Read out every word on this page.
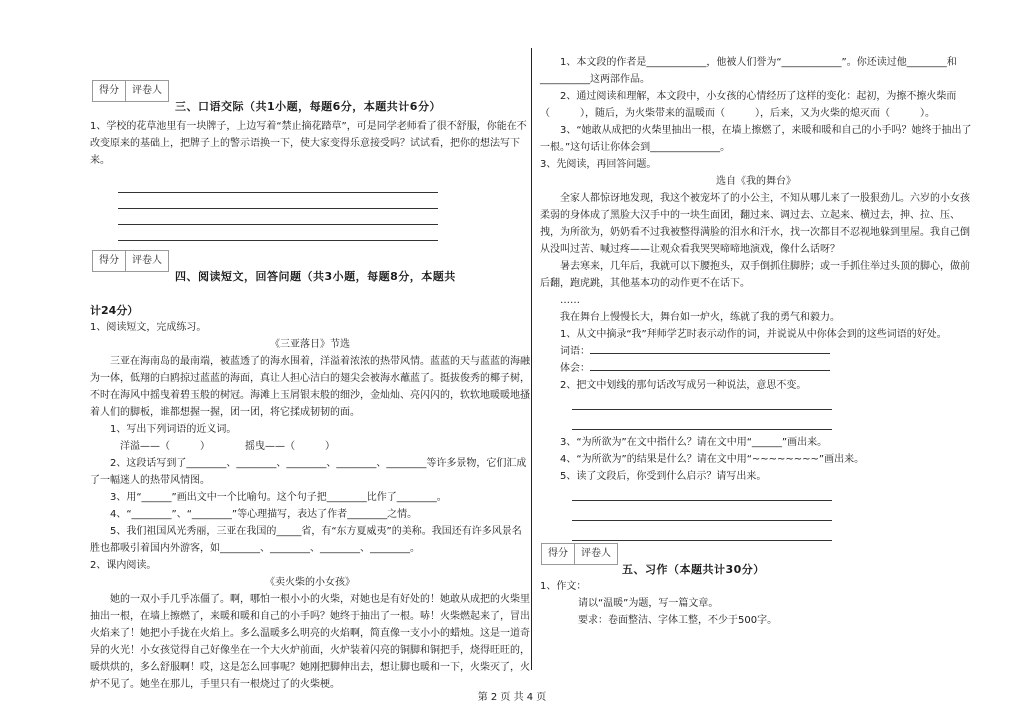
得分	评卷人
三、口语交际（共1小题，每题6分，本题共计6分）

1、学校的花草池里有一块牌子，上边写着“禁止摘花踏草”，可是同学老师看了很不舒服，你能在不改变原来的基础上，把牌子上的警示语换一下，使大家变得乐意接受吗？试试看，把你的想法写下来。

得分	评卷人
四、阅读短文，回答问题（共3小题，每题8分，本题共

计24分）

1、阅读短文，完成练习。

《三亚落日》节选

三亚在海南岛的最南端，被蓝透了的海水围着，洋溢着浓浓的热带风情。蓝蓝的天与蓝蓝的海融为一体，低翔的白鸥掠过蓝蓝的海面，真让人担心洁白的翅尖会被海水蘸蓝了。挺拔俊秀的椰子树，不时在海风中摇曳着碧玉般的树冠。海滩上玉屑银末般的细沙，金灿灿、亮闪闪的，软软地暖暖地搔着人们的脚板，谁都想握一握，团一团，将它揉成韧韧的面。

1、写出下列词语的近义词。

洋溢——（　　　）　　　　摇曳——（　　　）

2、这段话写到了________、________、________、________、________等许多景物，它们汇成了一幅迷人的热带风情图。

3、用“______”画出文中一个比喻句。这个句子把________比作了________。

4、“________”、“________”等心理描写，表达了作者________之情。

5、我们祖国风光秀丽，三亚在我国的_____省，有“东方夏威夷”的美称。我国还有许多风景名胜也都吸引着国内外游客，如________、________、________、________。

2、课内阅读。

《卖火柴的小女孩》

她的一双小手几乎冻僵了。啊，哪怕一根小小的火柴，对她也是有好处的！她敢从成把的火柴里抽出一根，在墙上擦燃了，来暖和暖和自己的小手吗？她终于抽出了一根。哧！火柴燃起来了，冒出火焰来了！她把小手拢在火焰上。多么温暖多么明亮的火焰啊，简直像一支小小的蜡烛。这是一道奇异的火光！小女孩觉得自己好像坐在一个大火炉前面，火炉装着闪亮的铜脚和铜把手，烧得旺旺的，暖烘烘的，多么舒服啊！哎，这是怎么回事呢？她刚把脚伸出去，想让脚也暖和一下，火柴灭了，火炉不见了。她坐在那儿，手里只有一根烧过了的火柴梗。

1、本文段的作者是____________，他被人们誉为“____________”。你还读过他________和__________这两部作品。

2、通过阅读和理解，本文段中，小女孩的心情经历了这样的变化：起初，为擦不擦火柴而（　　　），随后，为火柴带来的温暖而（　　　），后来，又为火柴的熄灭而（　　　）。

3、“她敢从成把的火柴里抽出一根，在墙上擦燃了，来暖和暖和自己的小手吗？她终于抽出了一根。”这句话让你体会到______________。

3、先阅读，再回答问题。

选自《我的舞台》

全家人都惊讶地发现，我这个被宠坏了的小公主，不知从哪儿来了一股狠劲儿。六岁的小女孩柔弱的身体成了黑脸大汉手中的一块生面团，翻过来、调过去、立起来、横过去，抻、拉、压、拽，为所欲为，奶奶看不过我被整得满脸的泪水和汗水，找一次都目不忍视地躲到里屋。我自己倒从没叫过苦、喊过疼——让观众看我哭哭啼啼地演戏，像什么话呀？

暑去寒来，几年后，我就可以下腰抱头，双手倒抓住脚脖；或一手抓住举过头顶的脚心，做前后翻，跑虎跳，其他基本功的动作更不在话下。

……

我在舞台上慢慢长大，舞台如一炉火，练就了我的勇气和毅力。

1、从文中摘录“我”拜师学艺时表示动作的词，并说说从中你体会到的这些词语的好处。

词语：

体会：

2、把文中划线的那句话改写成另一种说法，意思不变。

3、“为所欲为”在文中指什么？请在文中用“______”画出来。

4、“为所欲为”的结果是什么？请在文中用“~~~~~~~~”画出来。

5、读了文段后，你受到什么启示？请写出来。

得分	评卷人
五、习作（本题共计30分）

1、作文：

请以“温暖”为题，写一篇文章。

要求：卷面整洁、字体工整，不少于500字。

第 2 页 共 4 页
